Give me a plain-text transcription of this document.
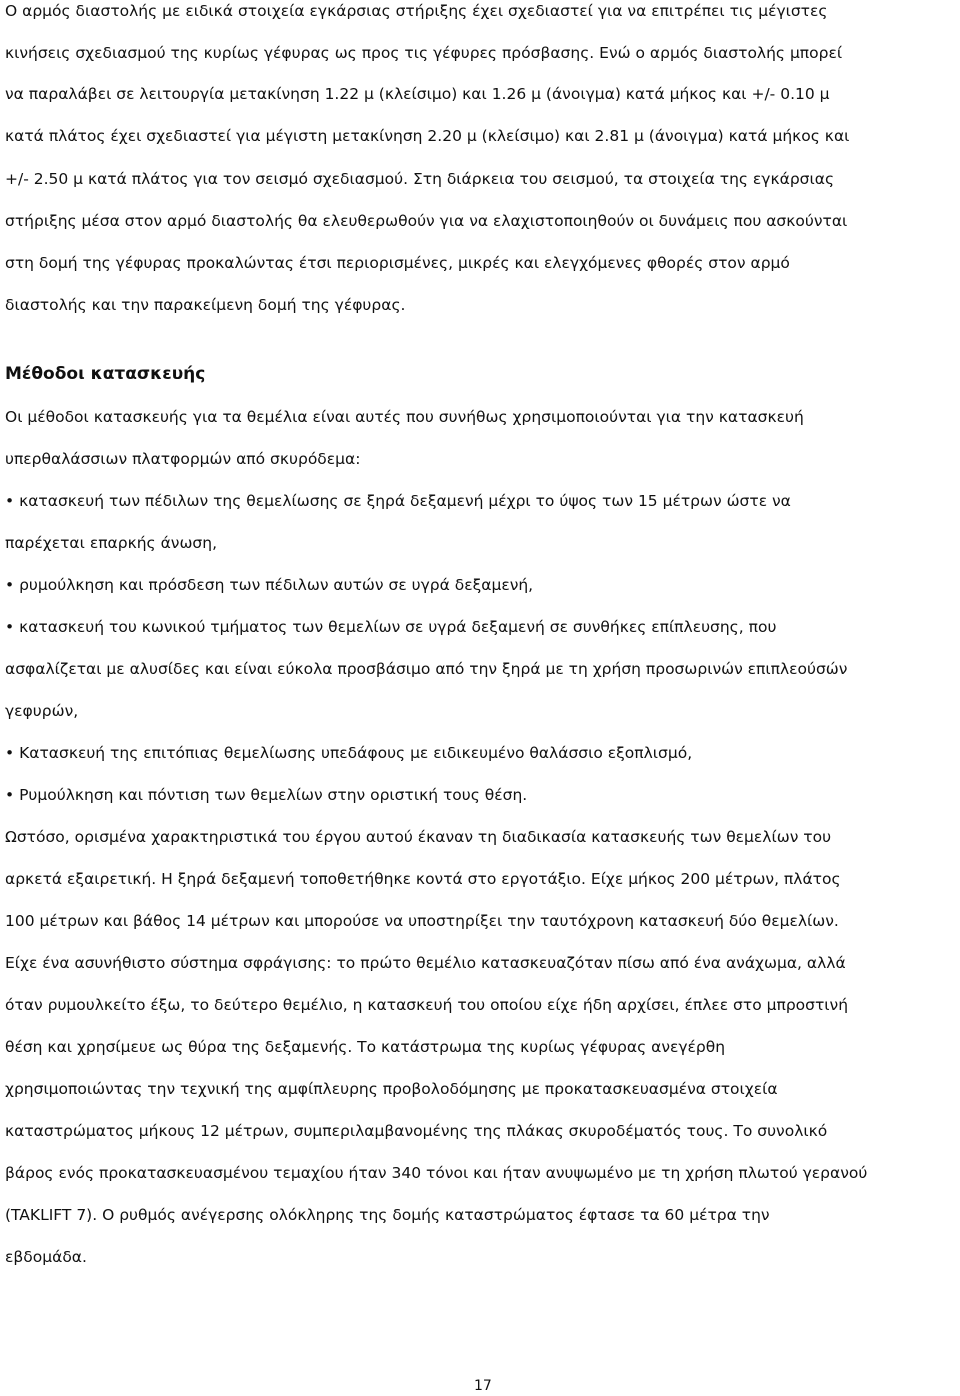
Ο αρμός διαστολής με ειδικά στοιχεία εγκάρσιας στήριξης έχει σχεδιαστεί για να επιτρέπει τις μέγιστες
κινήσεις σχεδιασμού της κυρίως γέφυρας ως προς τις γέφυρες πρόσβασης. Ενώ ο αρμός διαστολής μπορεί
να παραλάβει σε λειτουργία μετακίνηση 1.22 μ (κλείσιμο) και 1.26 μ (άνοιγμα) κατά μήκος και +/- 0.10 μ
κατά πλάτος έχει σχεδιαστεί για μέγιστη μετακίνηση 2.20 μ (κλείσιμο) και 2.81 μ (άνοιγμα) κατά μήκος και
+/- 2.50 μ κατά πλάτος για τον σεισμό σχεδιασμού. Στη διάρκεια του σεισμού, τα στοιχεία της εγκάρσιας
στήριξης μέσα στον αρμό διαστολής θα ελευθερωθούν για να ελαχιστοποιηθούν οι δυνάμεις που ασκούνται
στη δομή της γέφυρας προκαλώντας έτσι περιορισμένες, μικρές και ελεγχόμενες φθορές στον αρμό
διαστολής και την παρακείμενη δομή της γέφυρας.
Μέθοδοι κατασκευής
Οι μέθοδοι κατασκευής για τα θεμέλια είναι αυτές που συνήθως χρησιμοποιούνται για την κατασκευή
υπερθαλάσσιων πλατφορμών από σκυρόδεμα:
• κατασκευή των πέδιλων της θεμελίωσης σε ξηρά δεξαμενή μέχρι το ύψος των 15 μέτρων ώστε να
παρέχεται επαρκής άνωση,
• ρυμούλκηση και πρόσδεση των πέδιλων αυτών σε υγρά δεξαμενή,
• κατασκευή του κωνικού τμήματος των θεμελίων σε υγρά δεξαμενή σε συνθήκες επίπλευσης, που
ασφαλίζεται με αλυσίδες και είναι εύκολα προσβάσιμο από την ξηρά με τη χρήση προσωρινών επιπλεούσών
γεφυρών,
• Κατασκευή της επιτόπιας θεμελίωσης υπεδάφους με ειδικευμένο θαλάσσιο εξοπλισμό,
• Ρυμούλκηση και πόντιση των θεμελίων στην οριστική τους θέση.
Ωστόσο, ορισμένα χαρακτηριστικά του έργου αυτού έκαναν τη διαδικασία κατασκευής των θεμελίων του
αρκετά εξαιρετική. Η ξηρά δεξαμενή τοποθετήθηκε κοντά στο εργοτάξιο. Είχε μήκος 200 μέτρων, πλάτος
100 μέτρων και βάθος 14 μέτρων και μπορούσε να υποστηρίξει την ταυτόχρονη κατασκευή δύο θεμελίων.
Είχε ένα ασυνήθιστο σύστημα σφράγισης: το πρώτο θεμέλιο κατασκευαζόταν πίσω από ένα ανάχωμα, αλλά
όταν ρυμουλκείτο έξω, το δεύτερο θεμέλιο, η κατασκευή του οποίου είχε ήδη αρχίσει, έπλεε στο μπροστινή
θέση και χρησίμευε ως θύρα της δεξαμενής. Το κατάστρωμα της κυρίως γέφυρας ανεγέρθη
χρησιμοποιώντας την τεχνική της αμφίπλευρης προβολοδόμησης με προκατασκευασμένα στοιχεία
καταστρώματος μήκους 12 μέτρων, συμπεριλαμβανομένης της πλάκας σκυροδέματός τους. Το συνολικό
βάρος ενός προκατασκευασμένου τεμαχίου ήταν 340 τόνοι και ήταν ανυψωμένο με τη χρήση πλωτού γερανού
(TAKLIFT 7). Ο ρυθμός ανέγερσης ολόκληρης της δομής καταστρώματος έφτασε τα 60 μέτρα την
εβδομάδα.
17
